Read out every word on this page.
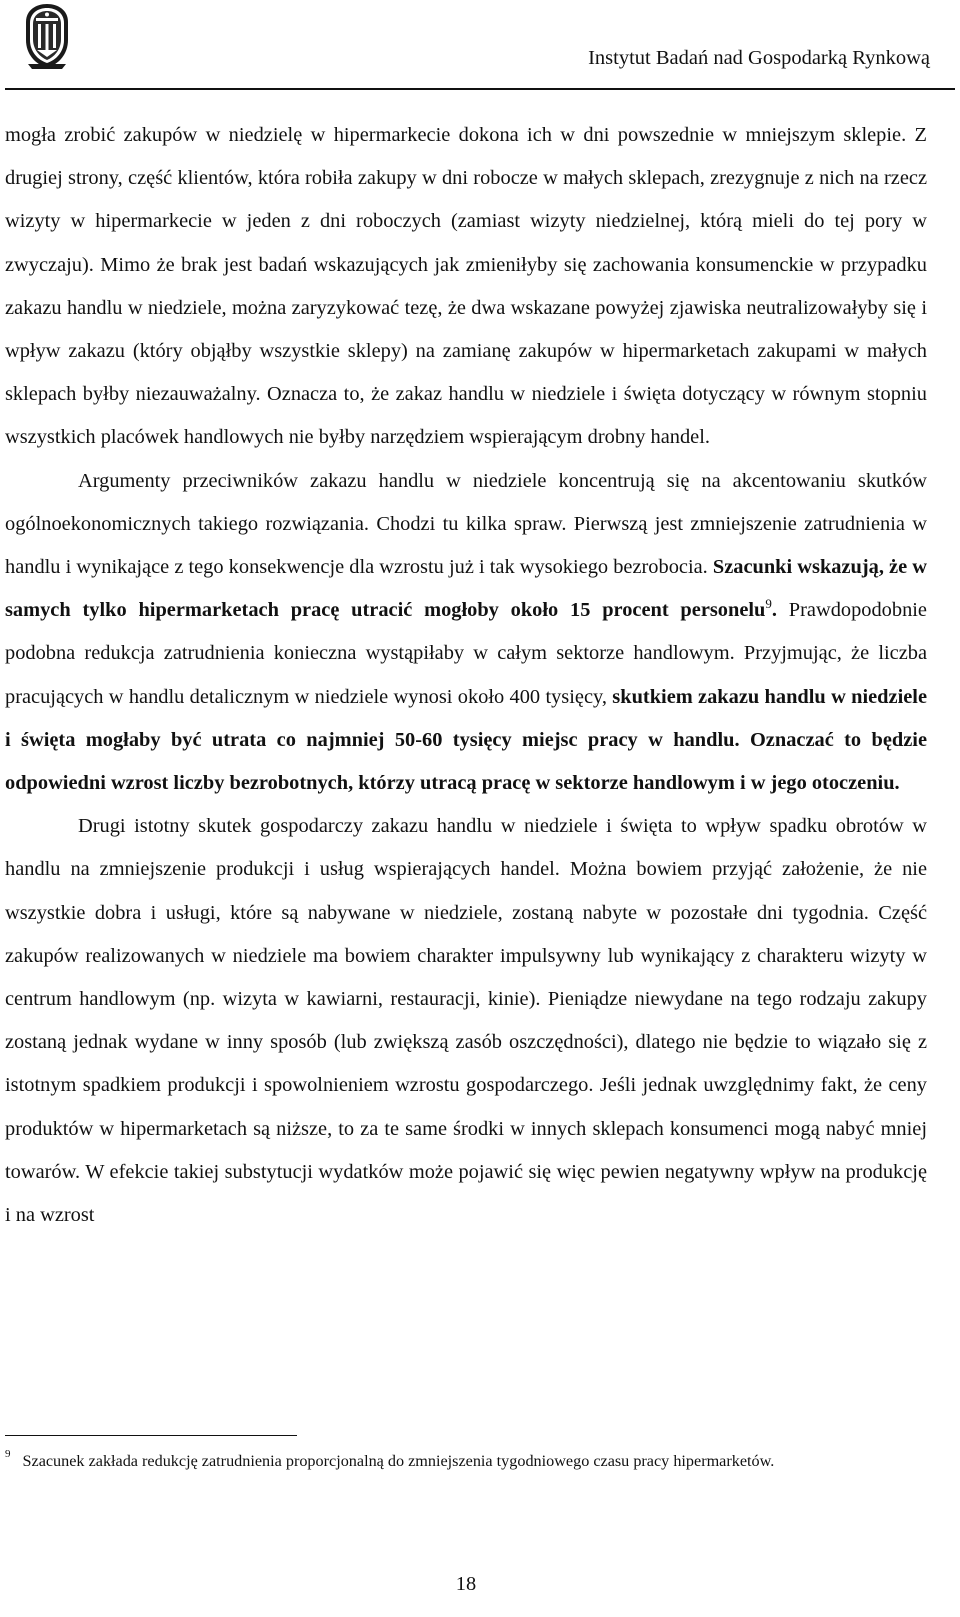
Instytut Badań nad Gospodarką Rynkową

mogła zrobić zakupów w niedzielę w hipermarkecie dokona ich w dni powszednie w mniejszym sklepie. Z drugiej strony, część klientów, która robiła zakupy w dni robocze w małych sklepach, zrezygnuje z nich na rzecz wizyty w hipermarkecie w jeden z dni roboczych (zamiast wizyty niedzielnej, którą mieli do tej pory w zwyczaju). Mimo że brak jest badań wskazujących jak zmieniłyby się zachowania konsumenckie w przypadku zakazu handlu w niedziele, można zaryzykować tezę, że dwa wskazane powyżej zjawiska neutralizowałyby się i wpływ zakazu (który objąłby wszystkie sklepy) na zamianę zakupów w hipermarketach zakupami w małych sklepach byłby niezauważalny. Oznacza to, że zakaz handlu w niedziele i święta dotyczący w równym stopniu wszystkich placówek handlowych nie byłby narzędziem wspierającym drobny handel.

Argumenty przeciwników zakazu handlu w niedziele koncentrują się na akcentowaniu skutków ogólnoekonomicznych takiego rozwiązania. Chodzi tu kilka spraw. Pierwszą jest zmniejszenie zatrudnienia w handlu i wynikające z tego konsekwencje dla wzrostu już i tak wysokiego bezrobocia. Szacunki wskazują, że w samych tylko hipermarketach pracę utracić mogłoby około 15 procent personelu$^9$. Prawdopodobnie podobna redukcja zatrudnienia konieczna wystąpiłaby w całym sektorze handlowym. Przyjmując, że liczba pracujących w handlu detalicznym w niedziele wynosi około 400 tysięcy, skutkiem zakazu handlu w niedziele i święta mogłaby być utrata co najmniej 50-60 tysięcy miejsc pracy w handlu. Oznaczać to będzie odpowiedni wzrost liczby bezrobotnych, którzy utracą pracę w sektorze handlowym i w jego otoczeniu.

Drugi istotny skutek gospodarczy zakazu handlu w niedziele i święta to wpływ spadku obrotów w handlu na zmniejszenie produkcji i usług wspierających handel. Można bowiem przyjąć założenie, że nie wszystkie dobra i usługi, które są nabywane w niedziele, zostaną nabyte w pozostałe dni tygodnia. Część zakupów realizowanych w niedziele ma bowiem charakter impulsywny lub wynikający z charakteru wizyty w centrum handlowym (np. wizyta w kawiarni, restauracji, kinie). Pieniądze niewydane na tego rodzaju zakupy zostaną jednak wydane w inny sposób (lub zwiększą zasób oszczędności), dlatego nie będzie to wiązało się z istotnym spadkiem produkcji i spowolnieniem wzrostu gospodarczego. Jeśli jednak uwzględnimy fakt, że ceny produktów w hipermarketach są niższe, to za te same środki w innych sklepach konsumenci mogą nabyć mniej towarów. W efekcie takiej substytucji wydatków może pojawić się więc pewien negatywny wpływ na produkcję i na wzrost

$^9$ Szacunek zakłada redukcję zatrudnienia proporcjonalną do zmniejszenia tygodniowego czasu pracy hipermarketów.
18
